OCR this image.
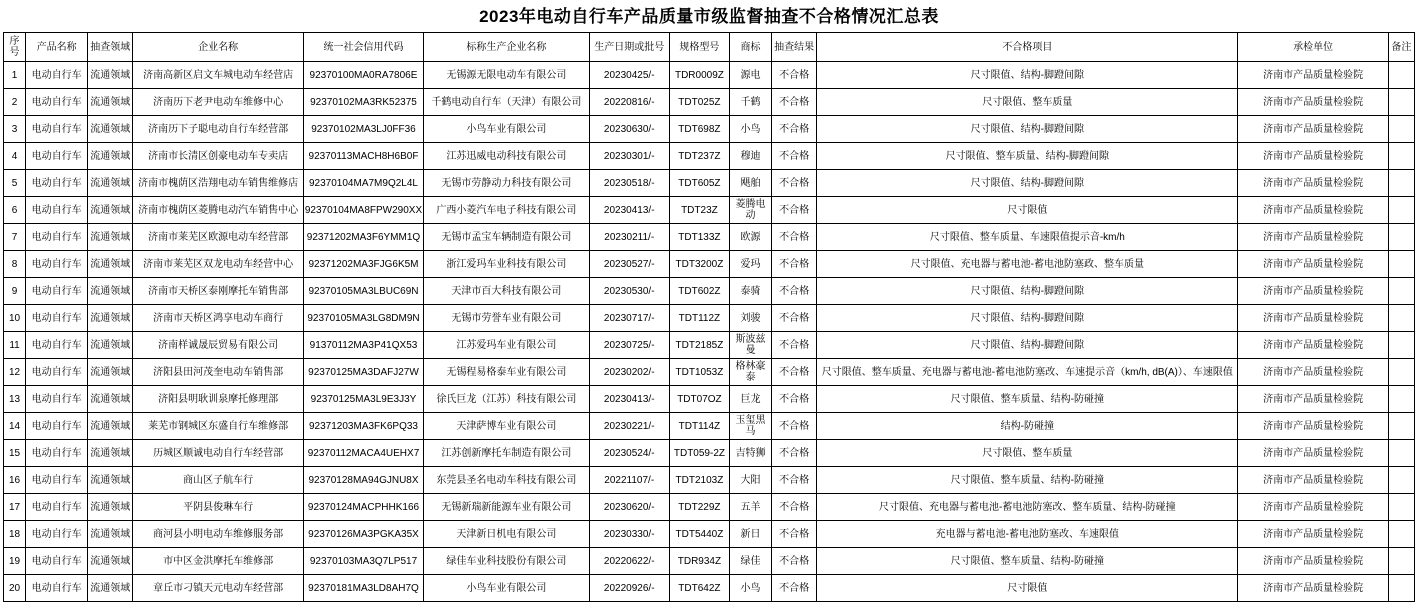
2023年电动自行车产品质量市级监督抽查不合格情况汇总表
序号	产品名称	抽查领域	企业名称	统一社会信用代码	标称生产企业名称	生产日期或批号	规格型号	商标	抽查结果	不合格项目	承检单位	备注
1	电动自行车	流通领域	济南高新区启文车城电动车经营店	92370100MA0RA7806E	无锡源无限电动车有限公司	20230425/-	TDR0009Z	源电	不合格	尺寸限值、结构-脚蹬间隙	济南市产品质量检验院	
2	电动自行车	流通领域	济南历下老尹电动车维修中心	92370102MA3RK52375	千鹤电动自行车（天津）有限公司	20220816/-	TDT025Z	千鹤	不合格	尺寸限值、整车质量	济南市产品质量检验院	
3	电动自行车	流通领域	济南历下子聪电动自行车经营部	92370102MA3LJ0FF36	小鸟车业有限公司	20230630/-	TDT698Z	小鸟	不合格	尺寸限值、结构-脚蹬间隙	济南市产品质量检验院	
4	电动自行车	流通领域	济南市长清区创豪电动车专卖店	92370113MACH8H6B0F	江苏迅威电动科技有限公司	20230301/-	TDT237Z	穆迪	不合格	尺寸限值、整车质量、结构-脚蹬间隙	济南市产品质量检验院	
5	电动自行车	流通领域	济南市槐荫区浩翔电动车销售维修店	92370104MA7M9Q2L4L	无锡市劳静动力科技有限公司	20230518/-	TDT605Z	飓舶	不合格	尺寸限值、结构-脚蹬间隙	济南市产品质量检验院	
6	电动自行车	流通领域	济南市槐荫区菱腾电动汽车销售中心	92370104MA8FPW290XX	广西小菱汽车电子科技有限公司	20230413/-	TDT23Z	菱腾电动	不合格	尺寸限值	济南市产品质量检验院	
7	电动自行车	流通领域	济南市莱芜区欧源电动车经营部	92371202MA3F6YMM1Q	无锡市孟宝车辆制造有限公司	20230211/-	TDT133Z	欧源	不合格	尺寸限值、整车质量、车速限值提示音-km/h	济南市产品质量检验院	
8	电动自行车	流通领域	济南市莱芜区双龙电动车经营中心	92371202MA3FJG6K5M	浙江爱玛车业科技有限公司	20230527/-	TDT3200Z	爱玛	不合格	尺寸限值、充电器与蓄电池-蓄电池防塞政、整车质量	济南市产品质量检验院	
9	电动自行车	流通领域	济南市天桥区泰刚摩托车销售部	92370105MA3LBUC69N	天津市百大科技有限公司	20230530/-	TDT602Z	泰骑	不合格	尺寸限值、结构-脚蹬间隙	济南市产品质量检验院	
10	电动自行车	流通领域	济南市天桥区鸿享电动车商行	92370105MA3LG8DM9N	无锡市劳誉车业有限公司	20230717/-	TDT112Z	刘骏	不合格	尺寸限值、结构-脚蹬间隙	济南市产品质量检验院	
11	电动自行车	流通领域	济南样诚晟辰贸易有限公司	91370112MA3P41QX53	江苏爱玛车业有限公司	20230725/-	TDT2185Z	斯波兹曼	不合格	尺寸限值、结构-脚蹬间隙	济南市产品质量检验院	
12	电动自行车	流通领域	济阳县田河茂奎电动车销售部	92370125MA3DAFJ27W	无锡程易格泰车业有限公司	20230202/-	TDT1053Z	格林豪泰	不合格	尺寸限值、整车质量、充电器与蓄电池-蓄电池防塞改、车速提示音（km/h, dB(A)）、车速限值	济南市产品质量检验院	
13	电动自行车	流通领域	济阳县明耿训泉摩托修理部	92370125MA3L9E3J3Y	徐氏巨龙（江苏）科技有限公司	20230413/-	TDT07OZ	巨龙	不合格	尺寸限值、整车质量、结构-防碰撞	济南市产品质量检验院	
14	电动自行车	流通领域	莱芜市钢城区东盛自行车维修部	92371203MA3FK6PQ33	天津萨博车业有限公司	20230221/-	TDT114Z	玉玺黑马	不合格	结构-防碰撞	济南市产品质量检验院	
15	电动自行车	流通领域	历城区顺诚电动自行车经营部	92370112MACA4UEHX7	江苏创新摩托车制造有限公司	20230524/-	TDT059-2Z	吉特狮	不合格	尺寸限值、整车质量	济南市产品质量检验院	
16	电动自行车	流通领域	商山区子航车行	92370128MA94GJNU8X	东莞县圣名电动车科技有限公司	20221107/-	TDT2103Z	大阳	不合格	尺寸限值、整车质量、结构-防碰撞	济南市产品质量检验院	
17	电动自行车	流通领域	平阴县俊琳车行	92370124MACPHHK166	无锡新瑞新能源车业有限公司	20230620/-	TDT229Z	五羊	不合格	尺寸限值、充电器与蓄电池-蓄电池防塞改、整车质量、结构-防碰撞	济南市产品质量检验院	
18	电动自行车	流通领域	商河县小明电动车维修服务部	92370126MA3PGKA35X	天津新日机电有限公司	20230330/-	TDT5440Z	新日	不合格	充电器与蓄电池-蓄电池防塞改、车速限值	济南市产品质量检验院	
19	电动自行车	流通领域	市中区金洪摩托车维修部	92370103MA3Q7LP517	绿佳车业科技股份有限公司	20220622/-	TDR934Z	绿佳	不合格	尺寸限值、整车质量、结构-防碰撞	济南市产品质量检验院	
20	电动自行车	流通领域	章丘市刁镇天元电动车经营部	92370181MA3LD8AH7Q	小鸟车业有限公司	20220926/-	TDT642Z	小鸟	不合格	尺寸限值	济南市产品质量检验院	
